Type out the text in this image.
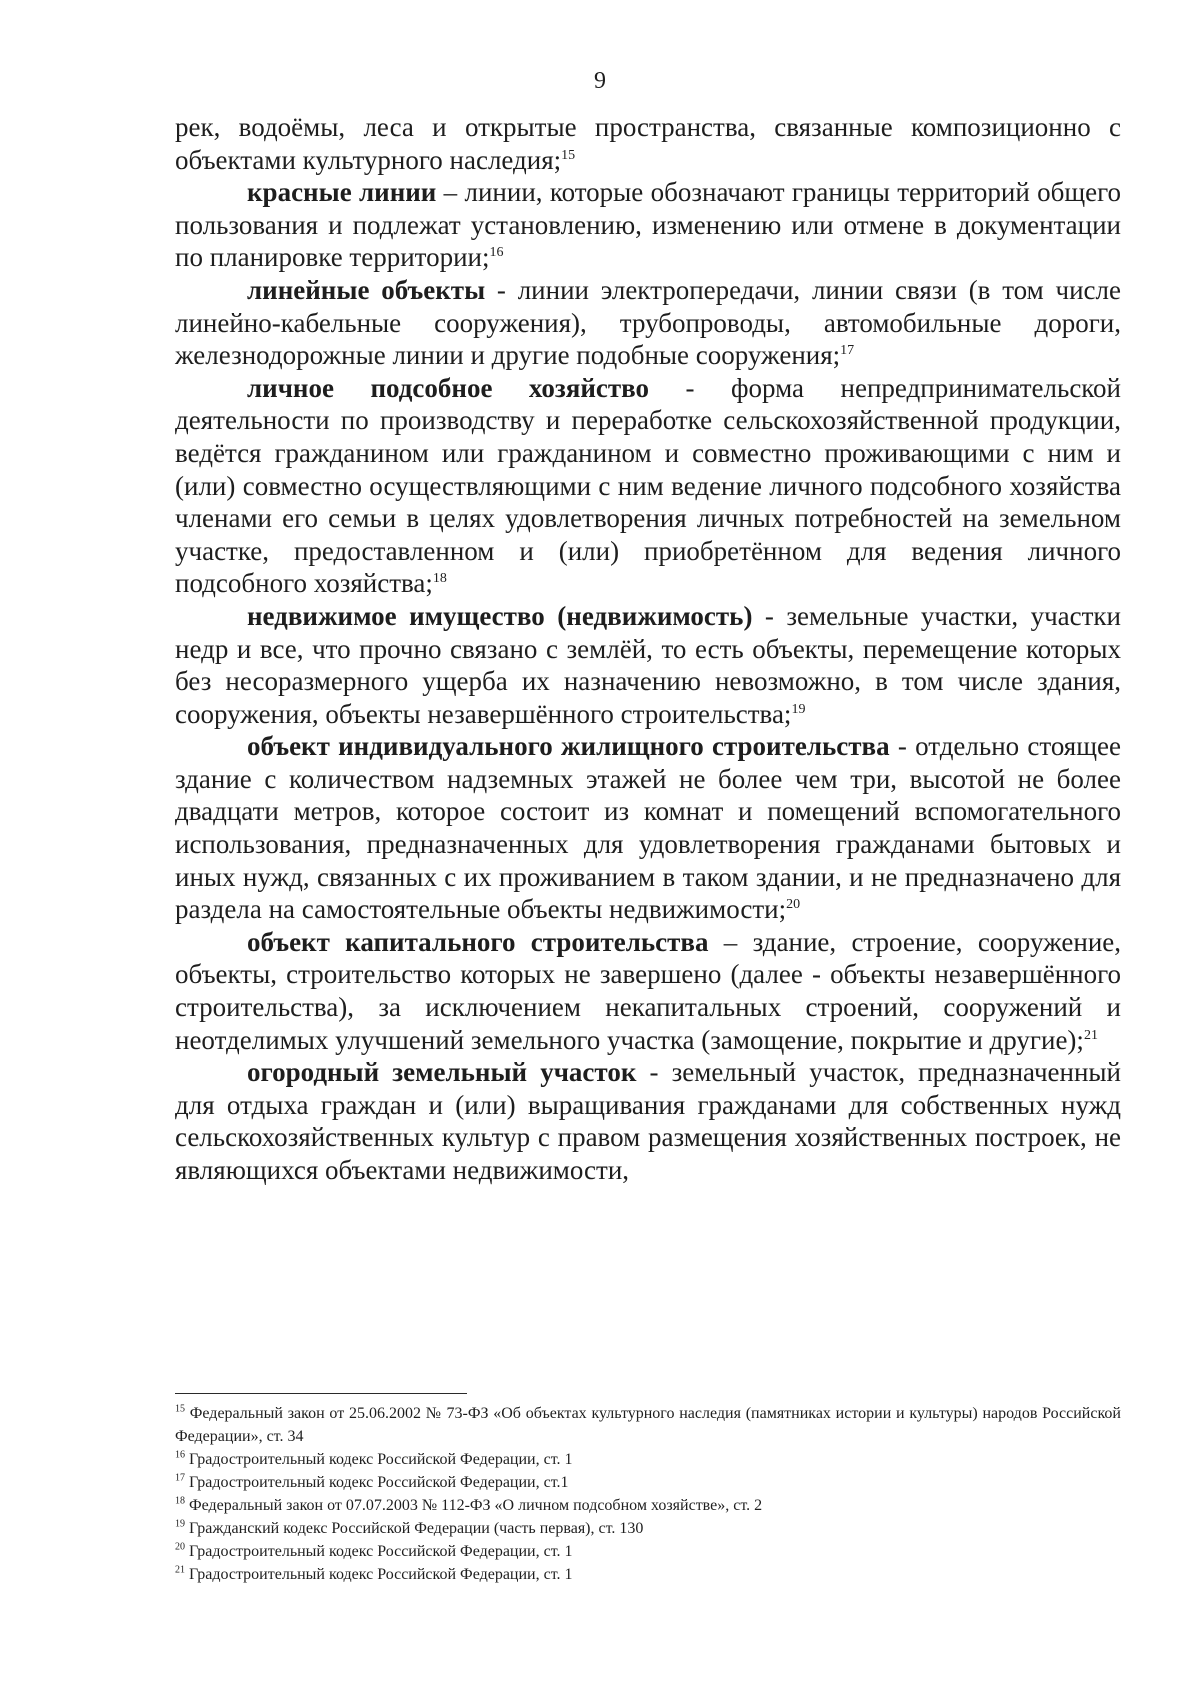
9

рек, водоёмы, леса и открытые пространства, связанные композиционно с объектами культурного наследия;$^{15}$

красные линии – линии, которые обозначают границы территорий общего пользования и подлежат установлению, изменению или отмене в документации по планировке территории;$^{16}$

линейные объекты - линии электропередачи, линии связи (в том числе линейно-кабельные сооружения), трубопроводы, автомобильные дороги, железнодорожные линии и другие подобные сооружения;$^{17}$

личное подсобное хозяйство - форма непредпринимательской деятельности по производству и переработке сельскохозяйственной продукции, ведётся гражданином или гражданином и совместно проживающими с ним и (или) совместно осуществляющими с ним ведение личного подсобного хозяйства членами его семьи в целях удовлетворения личных потребностей на земельном участке, предоставленном и (или) приобретённом для ведения личного подсобного хозяйства;$^{18}$

недвижимое имущество (недвижимость) - земельные участки, участки недр и все, что прочно связано с землёй, то есть объекты, перемещение которых без несоразмерного ущерба их назначению невозможно, в том числе здания, сооружения, объекты незавершённого строительства;$^{19}$

объект индивидуального жилищного строительства - отдельно стоящее здание с количеством надземных этажей не более чем три, высотой не более двадцати метров, которое состоит из комнат и помещений вспомогательного использования, предназначенных для удовлетворения гражданами бытовых и иных нужд, связанных с их проживанием в таком здании, и не предназначено для раздела на самостоятельные объекты недвижимости;$^{20}$

объект капитального строительства – здание, строение, сооружение, объекты, строительство которых не завершено (далее - объекты незавершённого строительства), за исключением некапитальных строений, сооружений и неотделимых улучшений земельного участка (замощение, покрытие и другие);$^{21}$

огородный земельный участок - земельный участок, предназначенный для отдыха граждан и (или) выращивания гражданами для собственных нужд сельскохозяйственных культур с правом размещения хозяйственных построек, не являющихся объектами недвижимости,

$^{15}$ Федеральный закон от 25.06.2002 № 73-ФЗ «Об объектах культурного наследия (памятниках истории и культуры) народов Российской Федерации», ст. 34

$^{16}$ Градостроительный кодекс Российской Федерации, ст. 1

$^{17}$ Градостроительный кодекс Российской Федерации, ст.1

$^{18}$ Федеральный закон от 07.07.2003 № 112-ФЗ «О личном подсобном хозяйстве», ст. 2

$^{19}$ Гражданский кодекс Российской Федерации (часть первая), ст. 130

$^{20}$ Градостроительный кодекс Российской Федерации, ст. 1

$^{21}$ Градостроительный кодекс Российской Федерации, ст. 1
